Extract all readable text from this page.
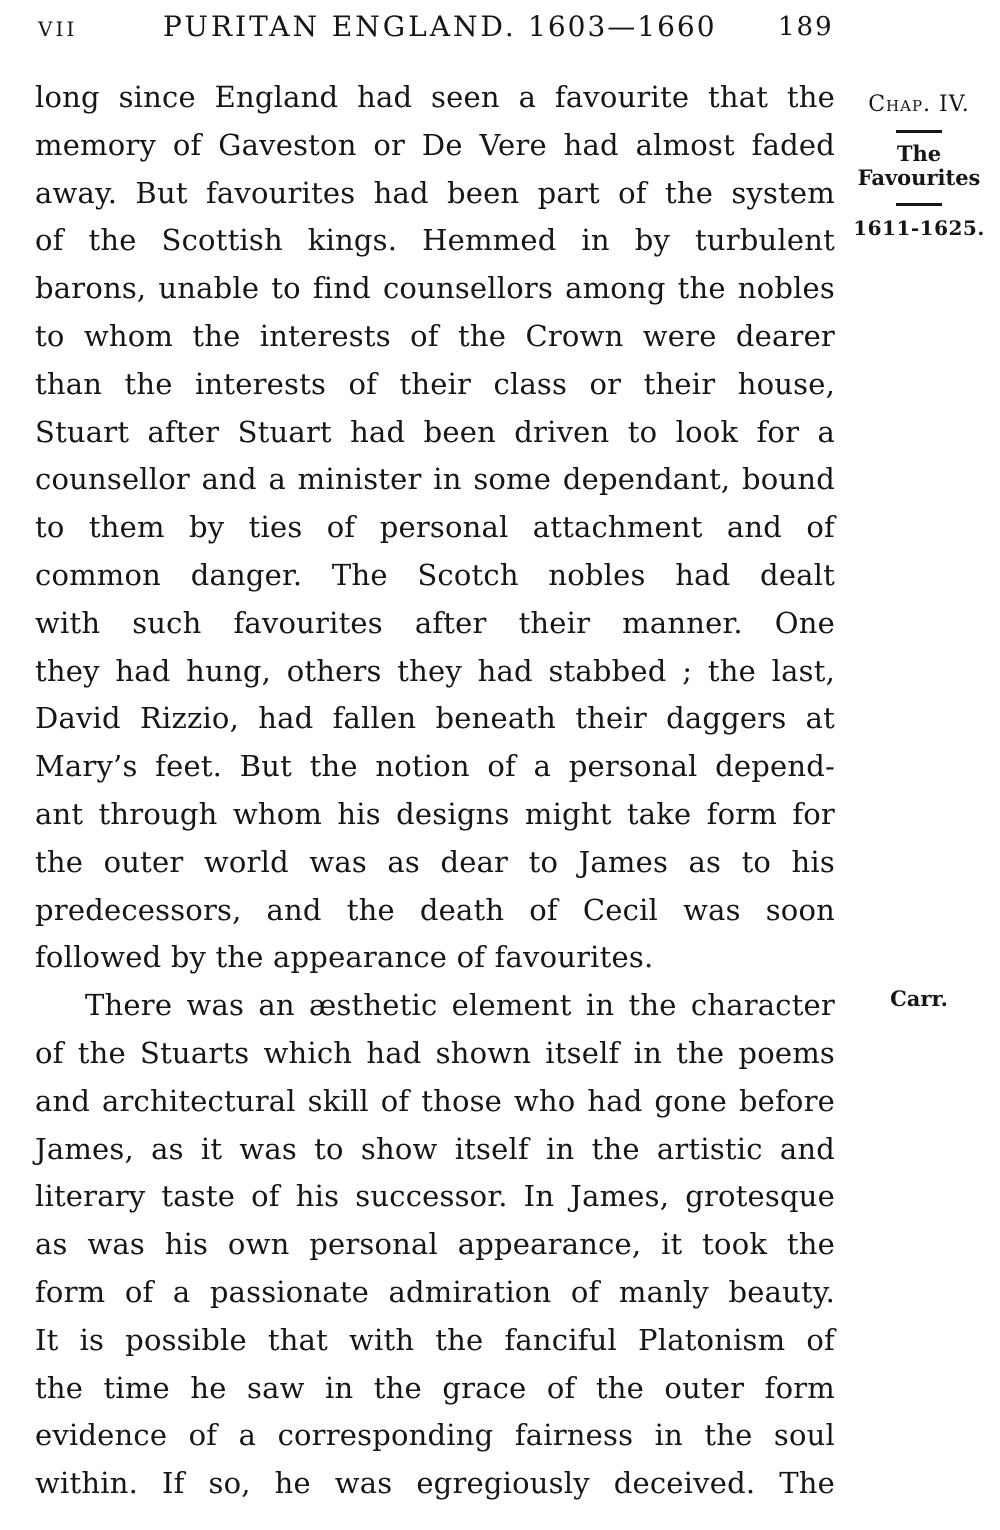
VII	PURITAN ENGLAND. 1603—1660 189
long since England had seen a favourite that the
memory of Gaveston or De Vere had almost faded
away. But favourites had been part of the system
of the Scottish kings. Hemmed in by turbulent
barons, unable to find counsellors among the nobles
to whom the interests of the Crown were dearer
than the interests of their class or their house,
Stuart after Stuart had been driven to look for a
counsellor and a minister in some dependant, bound
to them by ties of personal attachment and of
common danger. The Scotch nobles had dealt
with such favourites after their manner. One
they had hung, others they had stabbed ; the last,
David Rizzio, had fallen beneath their daggers at
Mary’s feet. But the notion of a personal depend-
ant through whom his designs might take form for
the outer world was as dear to James as to his
predecessors, and the death of Cecil was soon
followed by the appearance of favourites.
There was an æsthetic element in the character
of the Stuarts which had shown itself in the poems
and architectural skill of those who had gone before
James, as it was to show itself in the artistic and
literary taste of his successor. In James, grotesque
as was his own personal appearance, it took the
form of a passionate admiration of manly beauty.
It is possible that with the fanciful Platonism of
the time he saw in the grace of the outer form
evidence of a corresponding fairness in the soul
within. If so, he was egregiously deceived. The
Chap. IV.
The
Favourites
1611-1625.
Carr.
